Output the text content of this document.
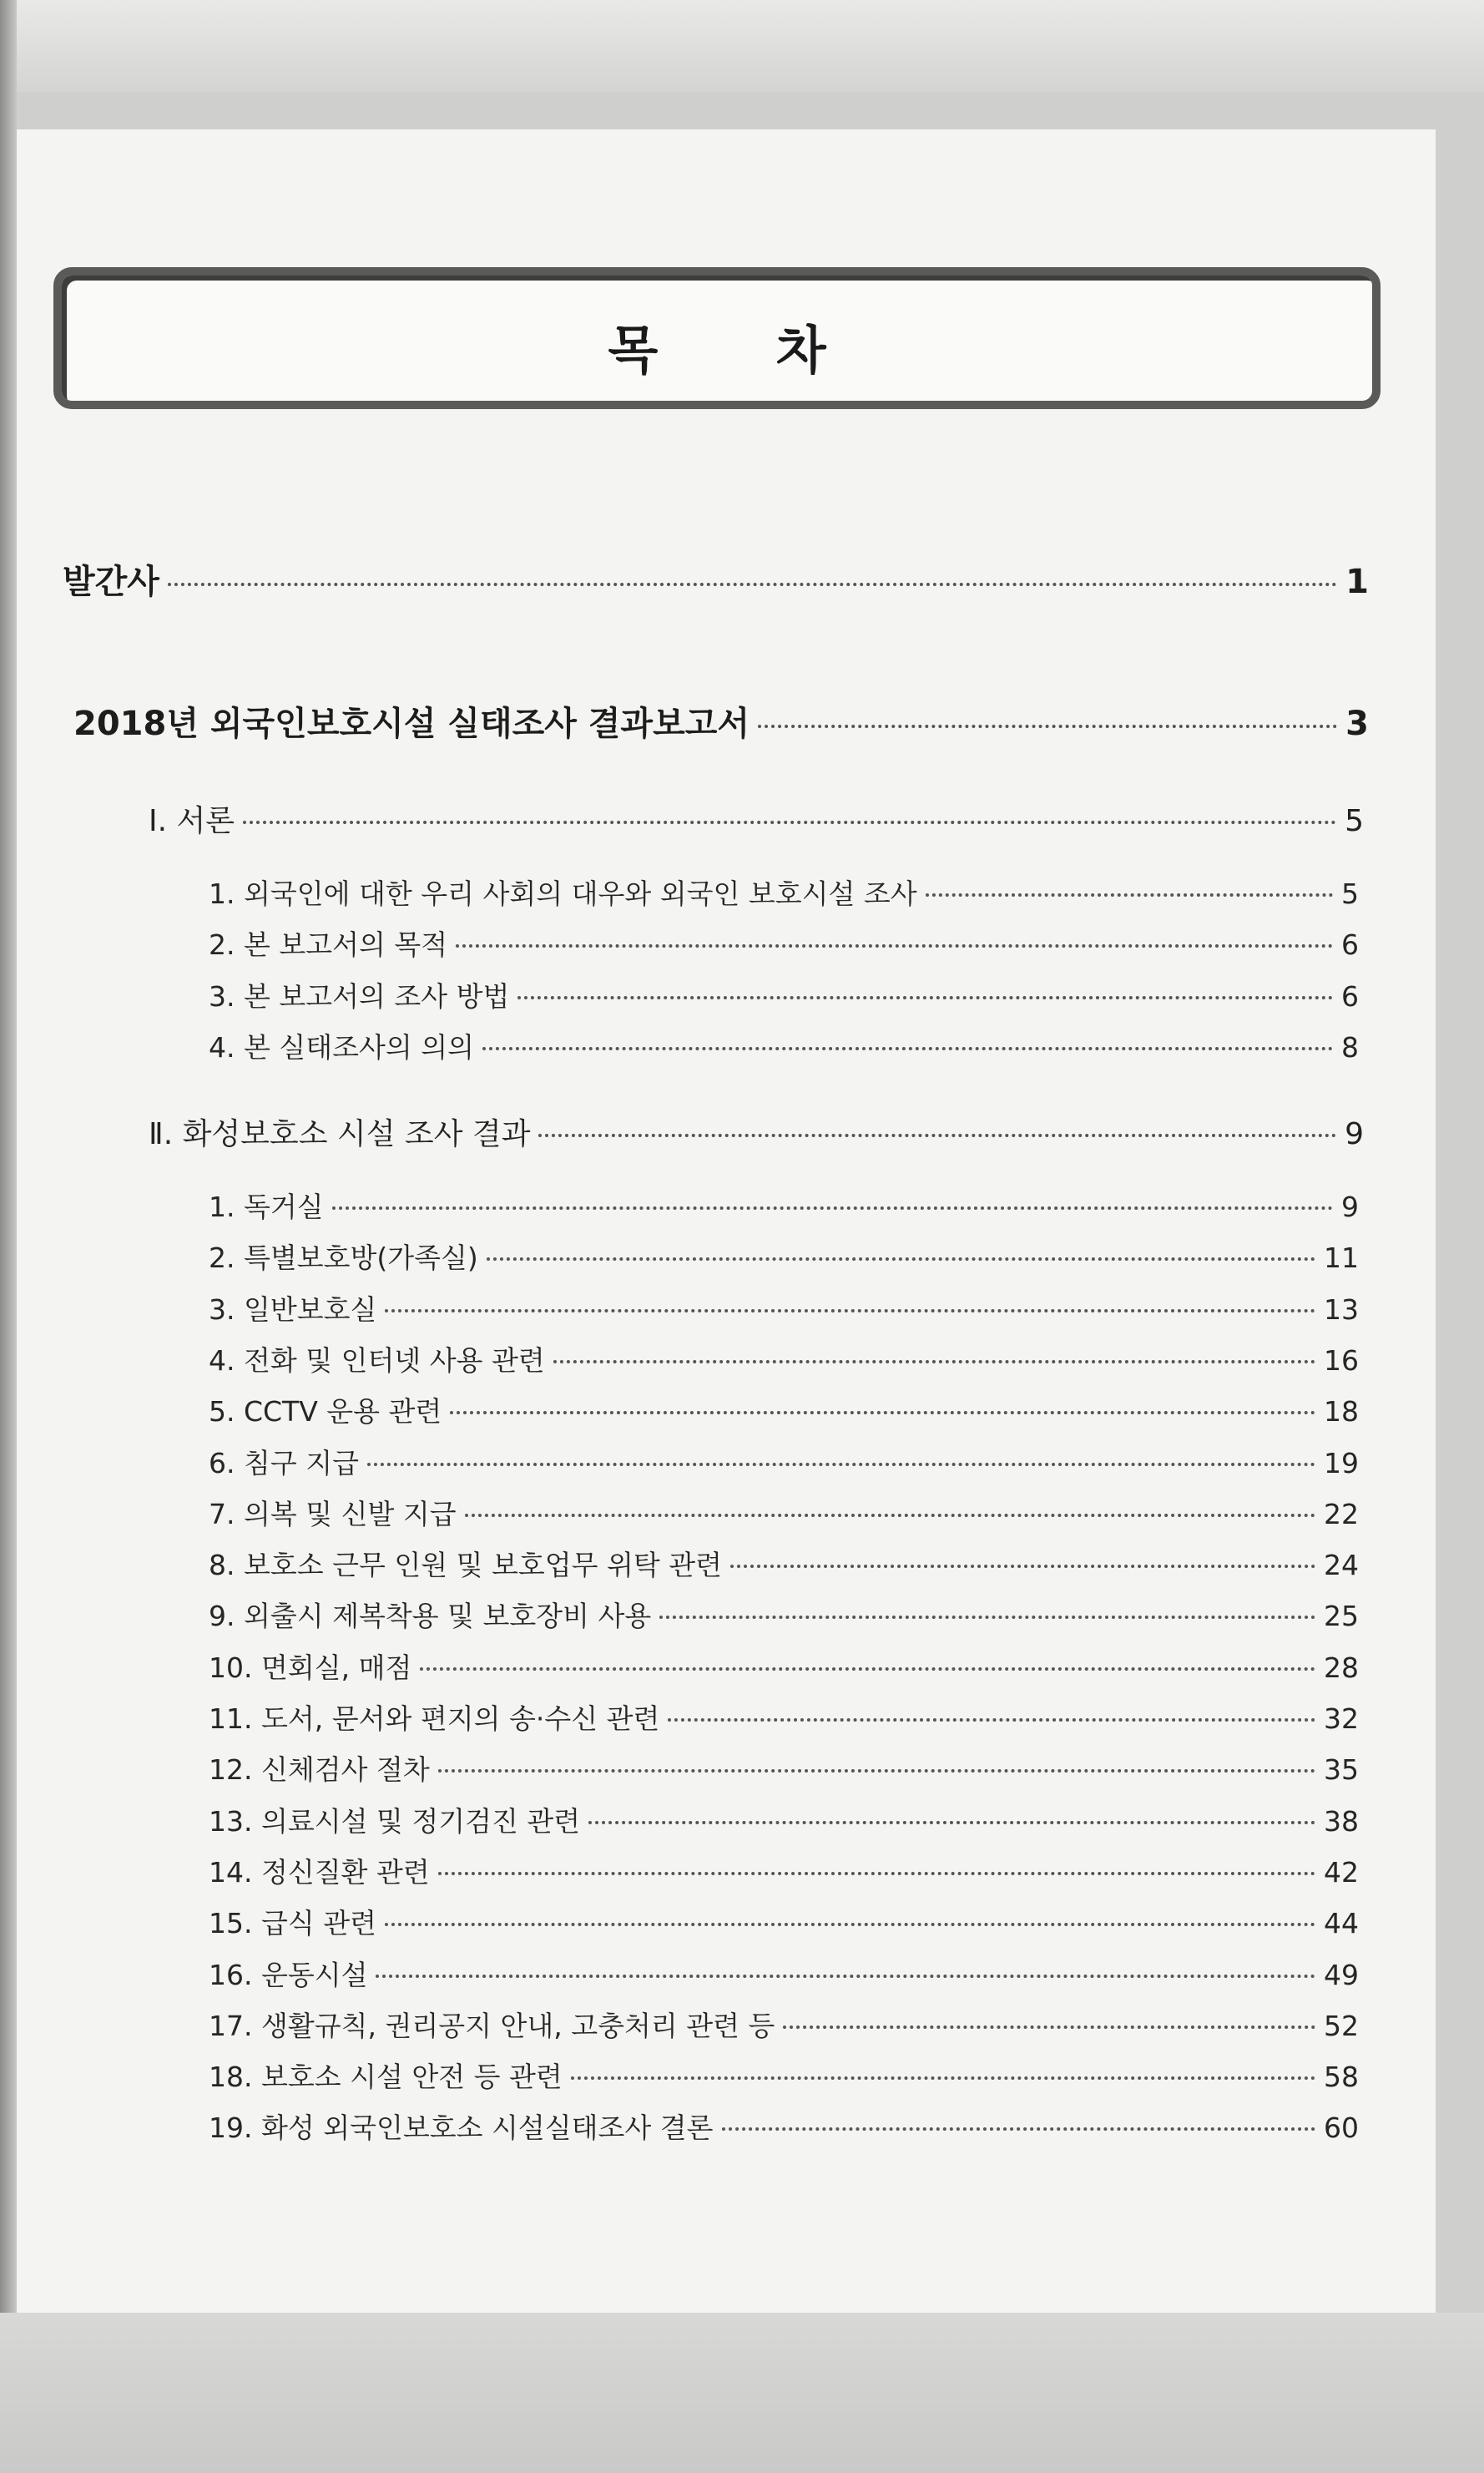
목 차
발간사	1
2018년 외국인보호시설 실태조사 결과보고서	3
Ⅰ. 서론	5
1. 외국인에 대한 우리 사회의 대우와 외국인 보호시설 조사	5
2. 본 보고서의 목적	6
3. 본 보고서의 조사 방법	6
4. 본 실태조사의 의의	8
Ⅱ. 화성보호소 시설 조사 결과	9
1. 독거실	9
2. 특별보호방(가족실)	11
3. 일반보호실	13
4. 전화 및 인터넷 사용 관련	16
5. CCTV 운용 관련	18
6. 침구 지급	19
7. 의복 및 신발 지급	22
8. 보호소 근무 인원 및 보호업무 위탁 관련	24
9. 외출시 제복착용 및 보호장비 사용	25
10. 면회실, 매점	28
11. 도서, 문서와 편지의 송·수신 관련	32
12. 신체검사 절차	35
13. 의료시설 및 정기검진 관련	38
14. 정신질환 관련	42
15. 급식 관련	44
16. 운동시설	49
17. 생활규칙, 권리공지 안내, 고충처리 관련 등	52
18. 보호소 시설 안전 등 관련	58
19. 화성 외국인보호소 시설실태조사 결론	60
